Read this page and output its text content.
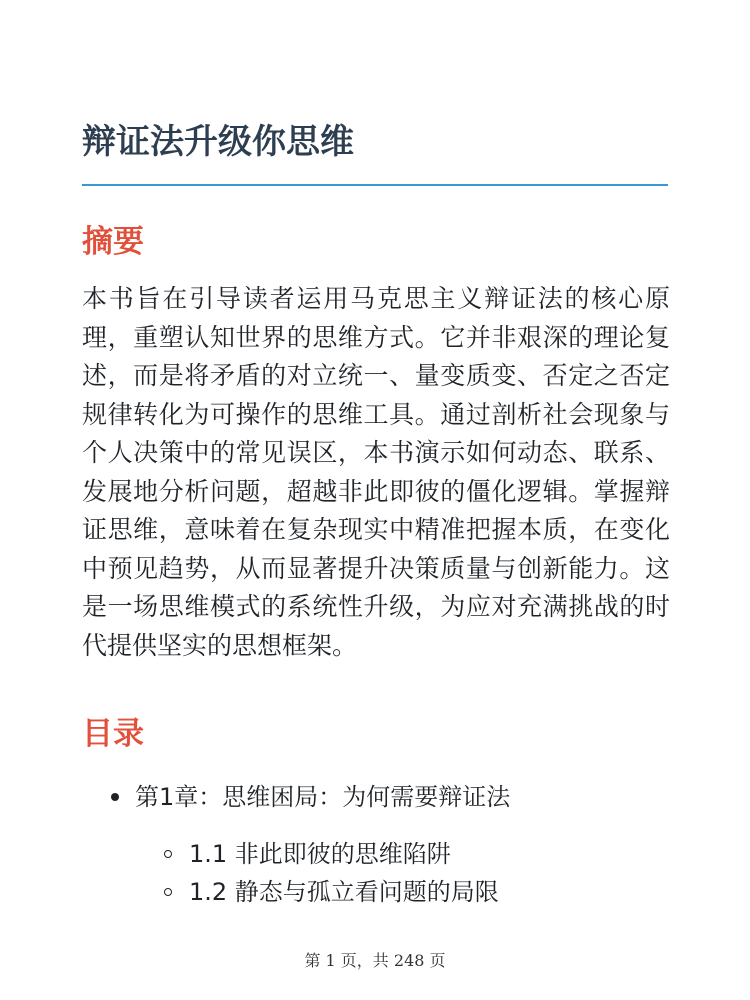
辩证法升级你思维
摘要

本书旨在引导读者运用马克思主义辩证法的核心原理，重塑认知世界的思维方式。它并非艰深的理论复述，而是将矛盾的对立统一、量变质变、否定之否定规律转化为可操作的思维工具。通过剖析社会现象与个人决策中的常见误区，本书演示如何动态、联系、发展地分析问题，超越非此即彼的僵化逻辑。掌握辩证思维，意味着在复杂现实中精准把握本质，在变化中预见趋势，从而显著提升决策质量与创新能力。这是一场思维模式的系统性升级，为应对充满挑战的时代提供坚实的思想框架。

目录
第1章：思维困局：为何需要辩证法
1.1 非此即彼的思维陷阱
1.2 静态与孤立看问题的局限
第 1 页，共 248 页
